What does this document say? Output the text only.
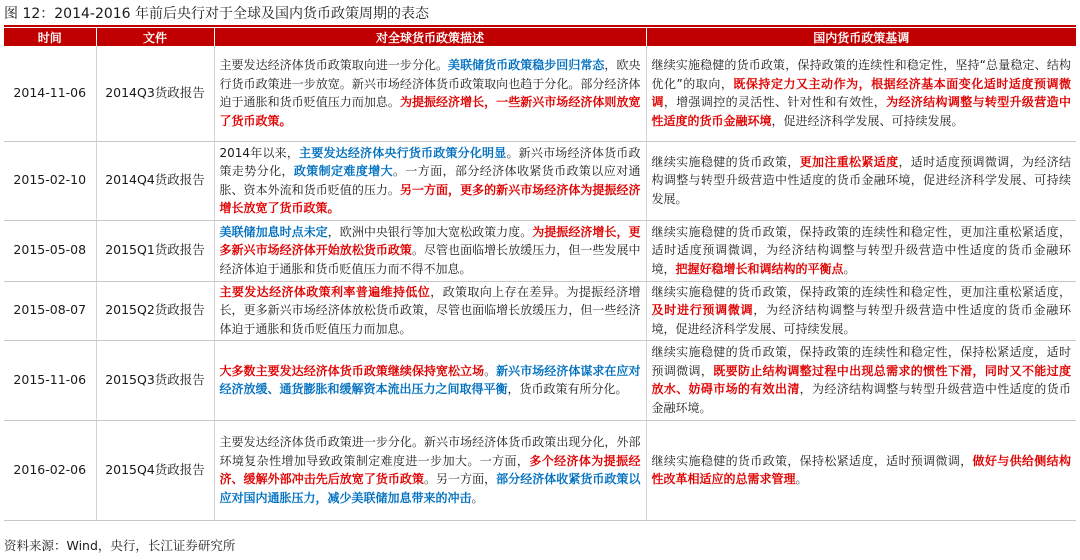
图 12：2014-2016 年前后央行对于全球及国内货币政策周期的表态
时间	文件	对全球货币政策描述	国内货币政策基调
2014-11-06	2014Q3货政报告	主要发达经济体货币政策取向进一步分化。美联储货币政策稳步回归常态，欧央行货币政策进一步放宽。新兴市场经济体货币政策取向也趋于分化。部分经济体迫于通胀和货币贬值压力而加息。为提振经济增长，一些新兴市场经济体则放宽了货币政策。	继续实施稳健的货币政策，保持政策的连续性和稳定性，坚持“总量稳定、结构优化”的取向，既保持定力又主动作为，根据经济基本面变化适时适度预调微调，增强调控的灵活性、针对性和有效性，为经济结构调整与转型升级营造中性适度的货币金融环境，促进经济科学发展、可持续发展。
2015-02-10	2014Q4货政报告	2014年以来，主要发达经济体央行货币政策分化明显。新兴市场经济体货币政策走势分化，政策制定难度增大。一方面，部分经济体收紧货币政策以应对通胀、资本外流和货币贬值的压力。另一方面，更多的新兴市场经济体为提振经济增长放宽了货币政策。	继续实施稳健的货币政策，更加注重松紧适度，适时适度预调微调，为经济结构调整与转型升级营造中性适度的货币金融环境，促进经济科学发展、可持续发展。
2015-05-08	2015Q1货政报告	美联储加息时点未定，欧洲中央银行等加大宽松政策力度。为提振经济增长，更多新兴市场经济体开始放松货币政策。尽管也面临增长放缓压力，但一些发展中经济体迫于通胀和货币贬值压力而不得不加息。	继续实施稳健的货币政策，保持政策的连续性和稳定性，更加注重松紧适度，适时适度预调微调，为经济结构调整与转型升级营造中性适度的货币金融环境，把握好稳增长和调结构的平衡点。
2015-08-07	2015Q2货政报告	主要发达经济体政策利率普遍维持低位，政策取向上存在差异。为提振经济增长，更多新兴市场经济体放松货币政策，尽管也面临增长放缓压力，但一些经济体迫于通胀和货币贬值压力而加息。	继续实施稳健的货币政策，保持政策的连续性和稳定性，更加注重松紧适度，及时进行预调微调，为经济结构调整与转型升级营造中性适度的货币金融环境，促进经济科学发展、可持续发展。
2015-11-06	2015Q3货政报告	大多数主要发达经济体货币政策继续保持宽松立场。新兴市场经济体谋求在应对经济放缓、通货膨胀和缓解资本流出压力之间取得平衡，货币政策有所分化。	继续实施稳健的货币政策，保持政策的连续性和稳定性，保持松紧适度，适时预调微调，既要防止结构调整过程中出现总需求的惯性下滑，同时又不能过度放水、妨碍市场的有效出清，为经济结构调整与转型升级营造中性适度的货币金融环境。
2016-02-06	2015Q4货政报告	主要发达经济体货币政策进一步分化。新兴市场经济体货币政策出现分化，外部环境复杂性增加导致政策制定难度进一步加大。一方面，多个经济体为提振经济、缓解外部冲击先后放宽了货币政策。另一方面，部分经济体收紧货币政策以应对国内通胀压力，减少美联储加息带来的冲击。	继续实施稳健的货币政策，保持松紧适度，适时预调微调，做好与供给侧结构性改革相适应的总需求管理。
资料来源：Wind，央行，长江证券研究所
